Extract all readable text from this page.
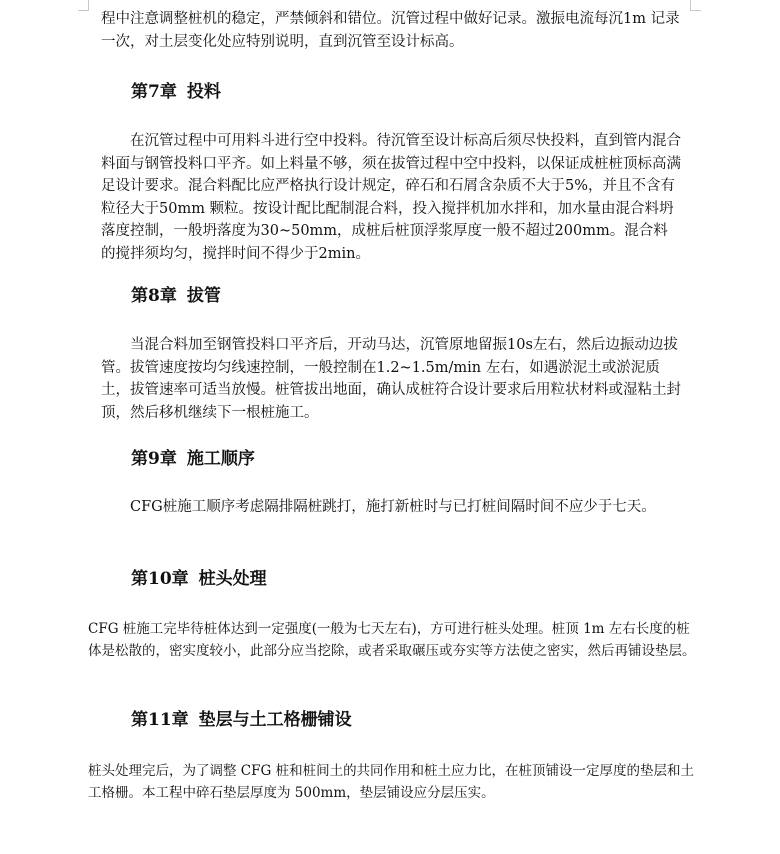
程中注意调整桩机的稳定，严禁倾斜和错位。沉管过程中做好记录。激振电流每沉1m 记录一次，对土层变化处应特别说明，直到沉管至设计标高。

第7章 投料

在沉管过程中可用料斗进行空中投料。待沉管至设计标高后须尽快投料，直到管内混合料面与钢管投料口平齐。如上料量不够，须在拔管过程中空中投料，以保证成桩桩顶标高满足设计要求。混合料配比应严格执行设计规定，碎石和石屑含杂质不大于5%，并且不含有粒径大于50mm 颗粒。按设计配比配制混合料，投入搅拌机加水拌和，加水量由混合料坍落度控制，一般坍落度为30~50mm，成桩后桩顶浮浆厚度一般不超过200mm。混合料的搅拌须均匀，搅拌时间不得少于2min。

第8章 拔管

当混合料加至钢管投料口平齐后，开动马达，沉管原地留振10s左右，然后边振动边拔管。拔管速度按均匀线速控制，一般控制在1.2~1.5m/min 左右，如遇淤泥土或淤泥质土，拔管速率可适当放慢。桩管拔出地面，确认成桩符合设计要求后用粒状材料或湿粘土封顶，然后移机继续下一根桩施工。

第9章 施工顺序

CFG桩施工顺序考虑隔排隔桩跳打，施打新桩时与已打桩间隔时间不应少于七天。

第10章 桩头处理

CFG 桩施工完毕待桩体达到一定强度(一般为七天左右)，方可进行桩头处理。桩顶 1m 左右长度的桩体是松散的，密实度较小，此部分应当挖除，或者采取碾压或夯实等方法使之密实，然后再铺设垫层。

第11章 垫层与土工格栅铺设

桩头处理完后，为了调整 CFG 桩和桩间土的共同作用和桩土应力比，在桩顶铺设一定厚度的垫层和土工格栅。本工程中碎石垫层厚度为 500mm，垫层铺设应分层压实。
